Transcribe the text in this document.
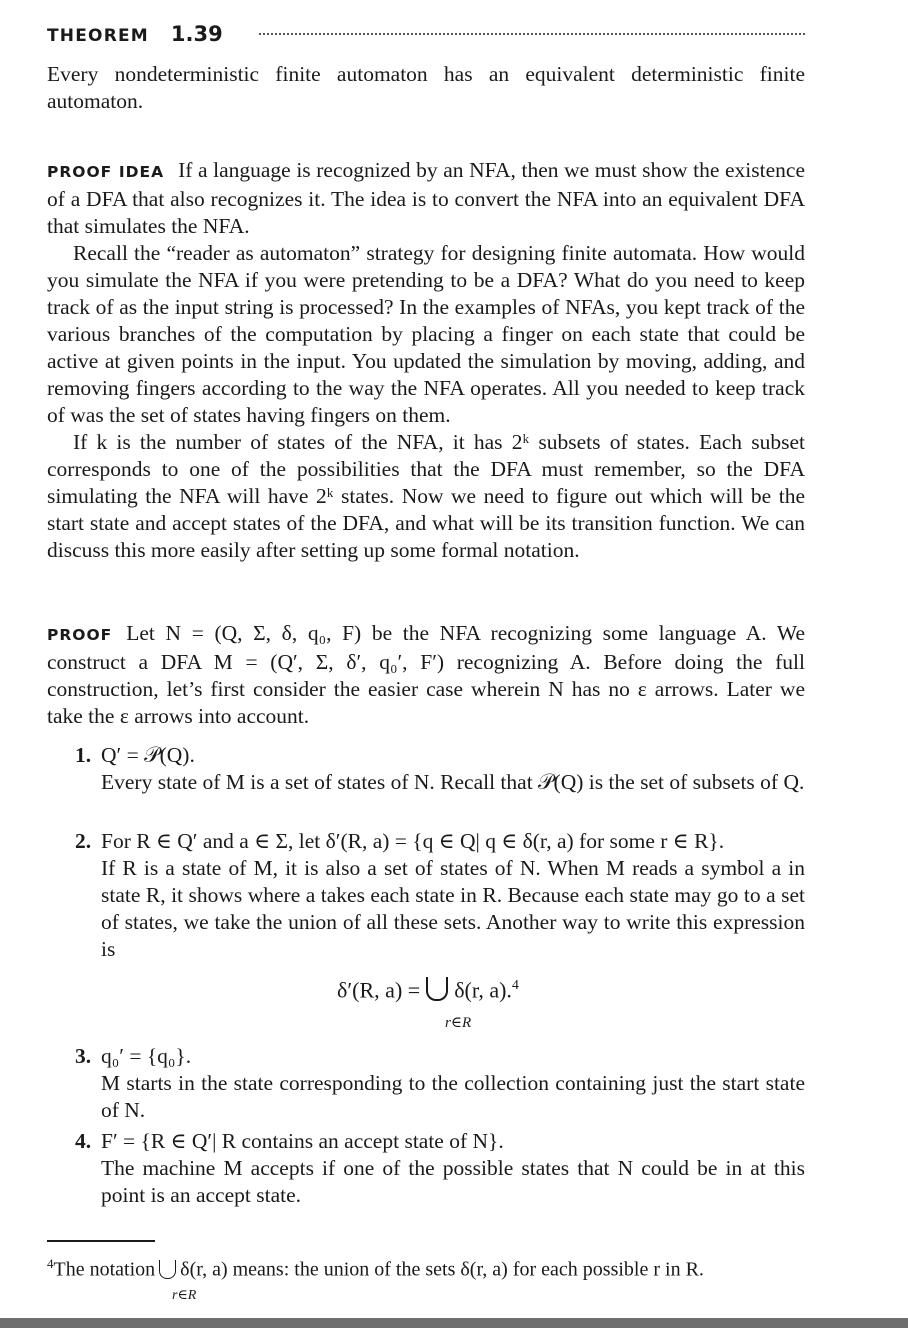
THEOREM 1.39
Every nondeterministic finite automaton has an equivalent deterministic finite automaton.
PROOF IDEA If a language is recognized by an NFA, then we must show the existence of a DFA that also recognizes it. The idea is to convert the NFA into an equivalent DFA that simulates the NFA.
Recall the “reader as automaton” strategy for designing finite automata. How would you simulate the NFA if you were pretending to be a DFA? What do you need to keep track of as the input string is processed? In the examples of NFAs, you kept track of the various branches of the computation by placing a finger on each state that could be active at given points in the input. You updated the simulation by moving, adding, and removing fingers according to the way the NFA operates. All you needed to keep track of was the set of states having fingers on them.
If k is the number of states of the NFA, it has 2ᵏ subsets of states. Each subset corresponds to one of the possibilities that the DFA must remember, so the DFA simulating the NFA will have 2ᵏ states. Now we need to figure out which will be the start state and accept states of the DFA, and what will be its transition function. We can discuss this more easily after setting up some formal notation.
PROOF Let N = (Q, Σ, δ, q₀, F) be the NFA recognizing some language A. We construct a DFA M = (Q′, Σ, δ′, q₀′, F′) recognizing A. Before doing the full construction, let’s first consider the easier case wherein N has no ε arrows. Later we take the ε arrows into account.
1. Q′ = 𝒫(Q).
Every state of M is a set of states of N. Recall that 𝒫(Q) is the set of subsets of Q.
2. For R ∈ Q′ and a ∈ Σ, let δ′(R, a) = {q ∈ Q| q ∈ δ(r, a) for some r ∈ R}.
If R is a state of M, it is also a set of states of N. When M reads a symbol a in state R, it shows where a takes each state in R. Because each state may go to a set of states, we take the union of all these sets. Another way to write this expression is
δ′(R, a) = δ(r, a).$^4$
r∈R
3. q₀′ = {q₀}.
M starts in the state corresponding to the collection containing just the start state of N.
4. F′ = {R ∈ Q′| R contains an accept state of N}.
The machine M accepts if one of the possible states that N could be in at this point is an accept state.
$^4$The notation δ(r, a) means: the union of the sets δ(r, a) for each possible r in R.
r∈R
